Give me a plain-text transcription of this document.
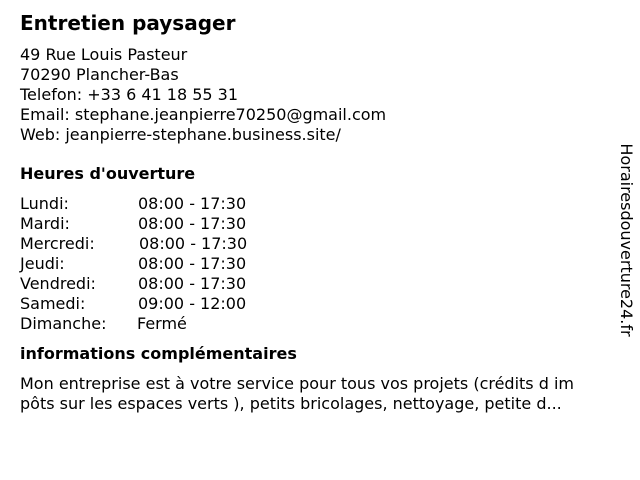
Entretien paysager
49 Rue Louis Pasteur
70290 Plancher-Bas
Telefon: +33 6 41 18 55 31
Email: stephane.jeanpierre70250@gmail.com
Web: jeanpierre-stephane.business.site/
Heures d'ouverture
Lundi:	08:00 - 17:30
Mardi:	08:00 - 17:30
Mercredi:	08:00 - 17:30
Jeudi:	08:00 - 17:30
Vendredi:	08:00 - 17:30
Samedi:	09:00 - 12:00
Dimanche: Fermé
informations complémentaires
Mon entreprise est à votre service pour tous vos projets (crédits d im
pôts sur les espaces verts ), petits bricolages, nettoyage, petite d...
Horairesdouverture24.fr
